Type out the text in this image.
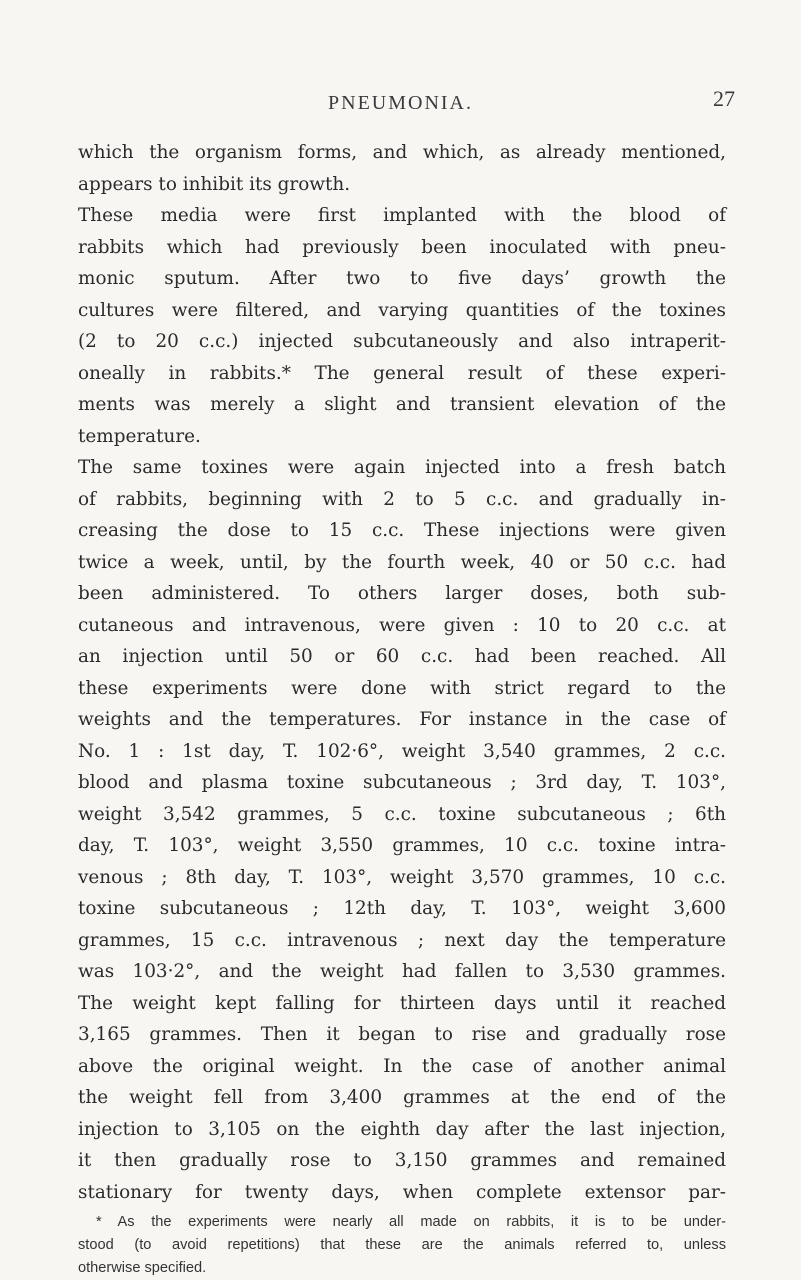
PNEUMONIA.	27
which the organism forms, and which, as already mentioned,
appears to inhibit its growth.
These media were first implanted with the blood of
rabbits which had previously been inoculated with pneu-
monic sputum. After two to five days’ growth the
cultures were filtered, and varying quantities of the toxines
(2 to 20 c.c.) injected subcutaneously and also intraperit-
oneally in rabbits.* The general result of these experi-
ments was merely a slight and transient elevation of the
temperature.
The same toxines were again injected into a fresh batch
of rabbits, beginning with 2 to 5 c.c. and gradually in-
creasing the dose to 15 c.c. These injections were given
twice a week, until, by the fourth week, 40 or 50 c.c. had
been administered. To others larger doses, both sub-
cutaneous and intravenous, were given : 10 to 20 c.c. at
an injection until 50 or 60 c.c. had been reached. All
these experiments were done with strict regard to the
weights and the temperatures. For instance in the case of
No. 1 : 1st day, T. 102·6°, weight 3,540 grammes, 2 c.c.
blood and plasma toxine subcutaneous ; 3rd day, T. 103°,
weight 3,542 grammes, 5 c.c. toxine subcutaneous ; 6th
day, T. 103°, weight 3,550 grammes, 10 c.c. toxine intra-
venous ; 8th day, T. 103°, weight 3,570 grammes, 10 c.c.
toxine subcutaneous ; 12th day, T. 103°, weight 3,600
grammes, 15 c.c. intravenous ; next day the temperature
was 103·2°, and the weight had fallen to 3,530 grammes.
The weight kept falling for thirteen days until it reached
3,165 grammes. Then it began to rise and gradually rose
above the original weight. In the case of another animal
the weight fell from 3,400 grammes at the end of the
injection to 3,105 on the eighth day after the last injection,
it then gradually rose to 3,150 grammes and remained
stationary for twenty days, when complete extensor par-
* As the experiments were nearly all made on rabbits, it is to be under-
stood (to avoid repetitions) that these are the animals referred to, unless
otherwise specified.
